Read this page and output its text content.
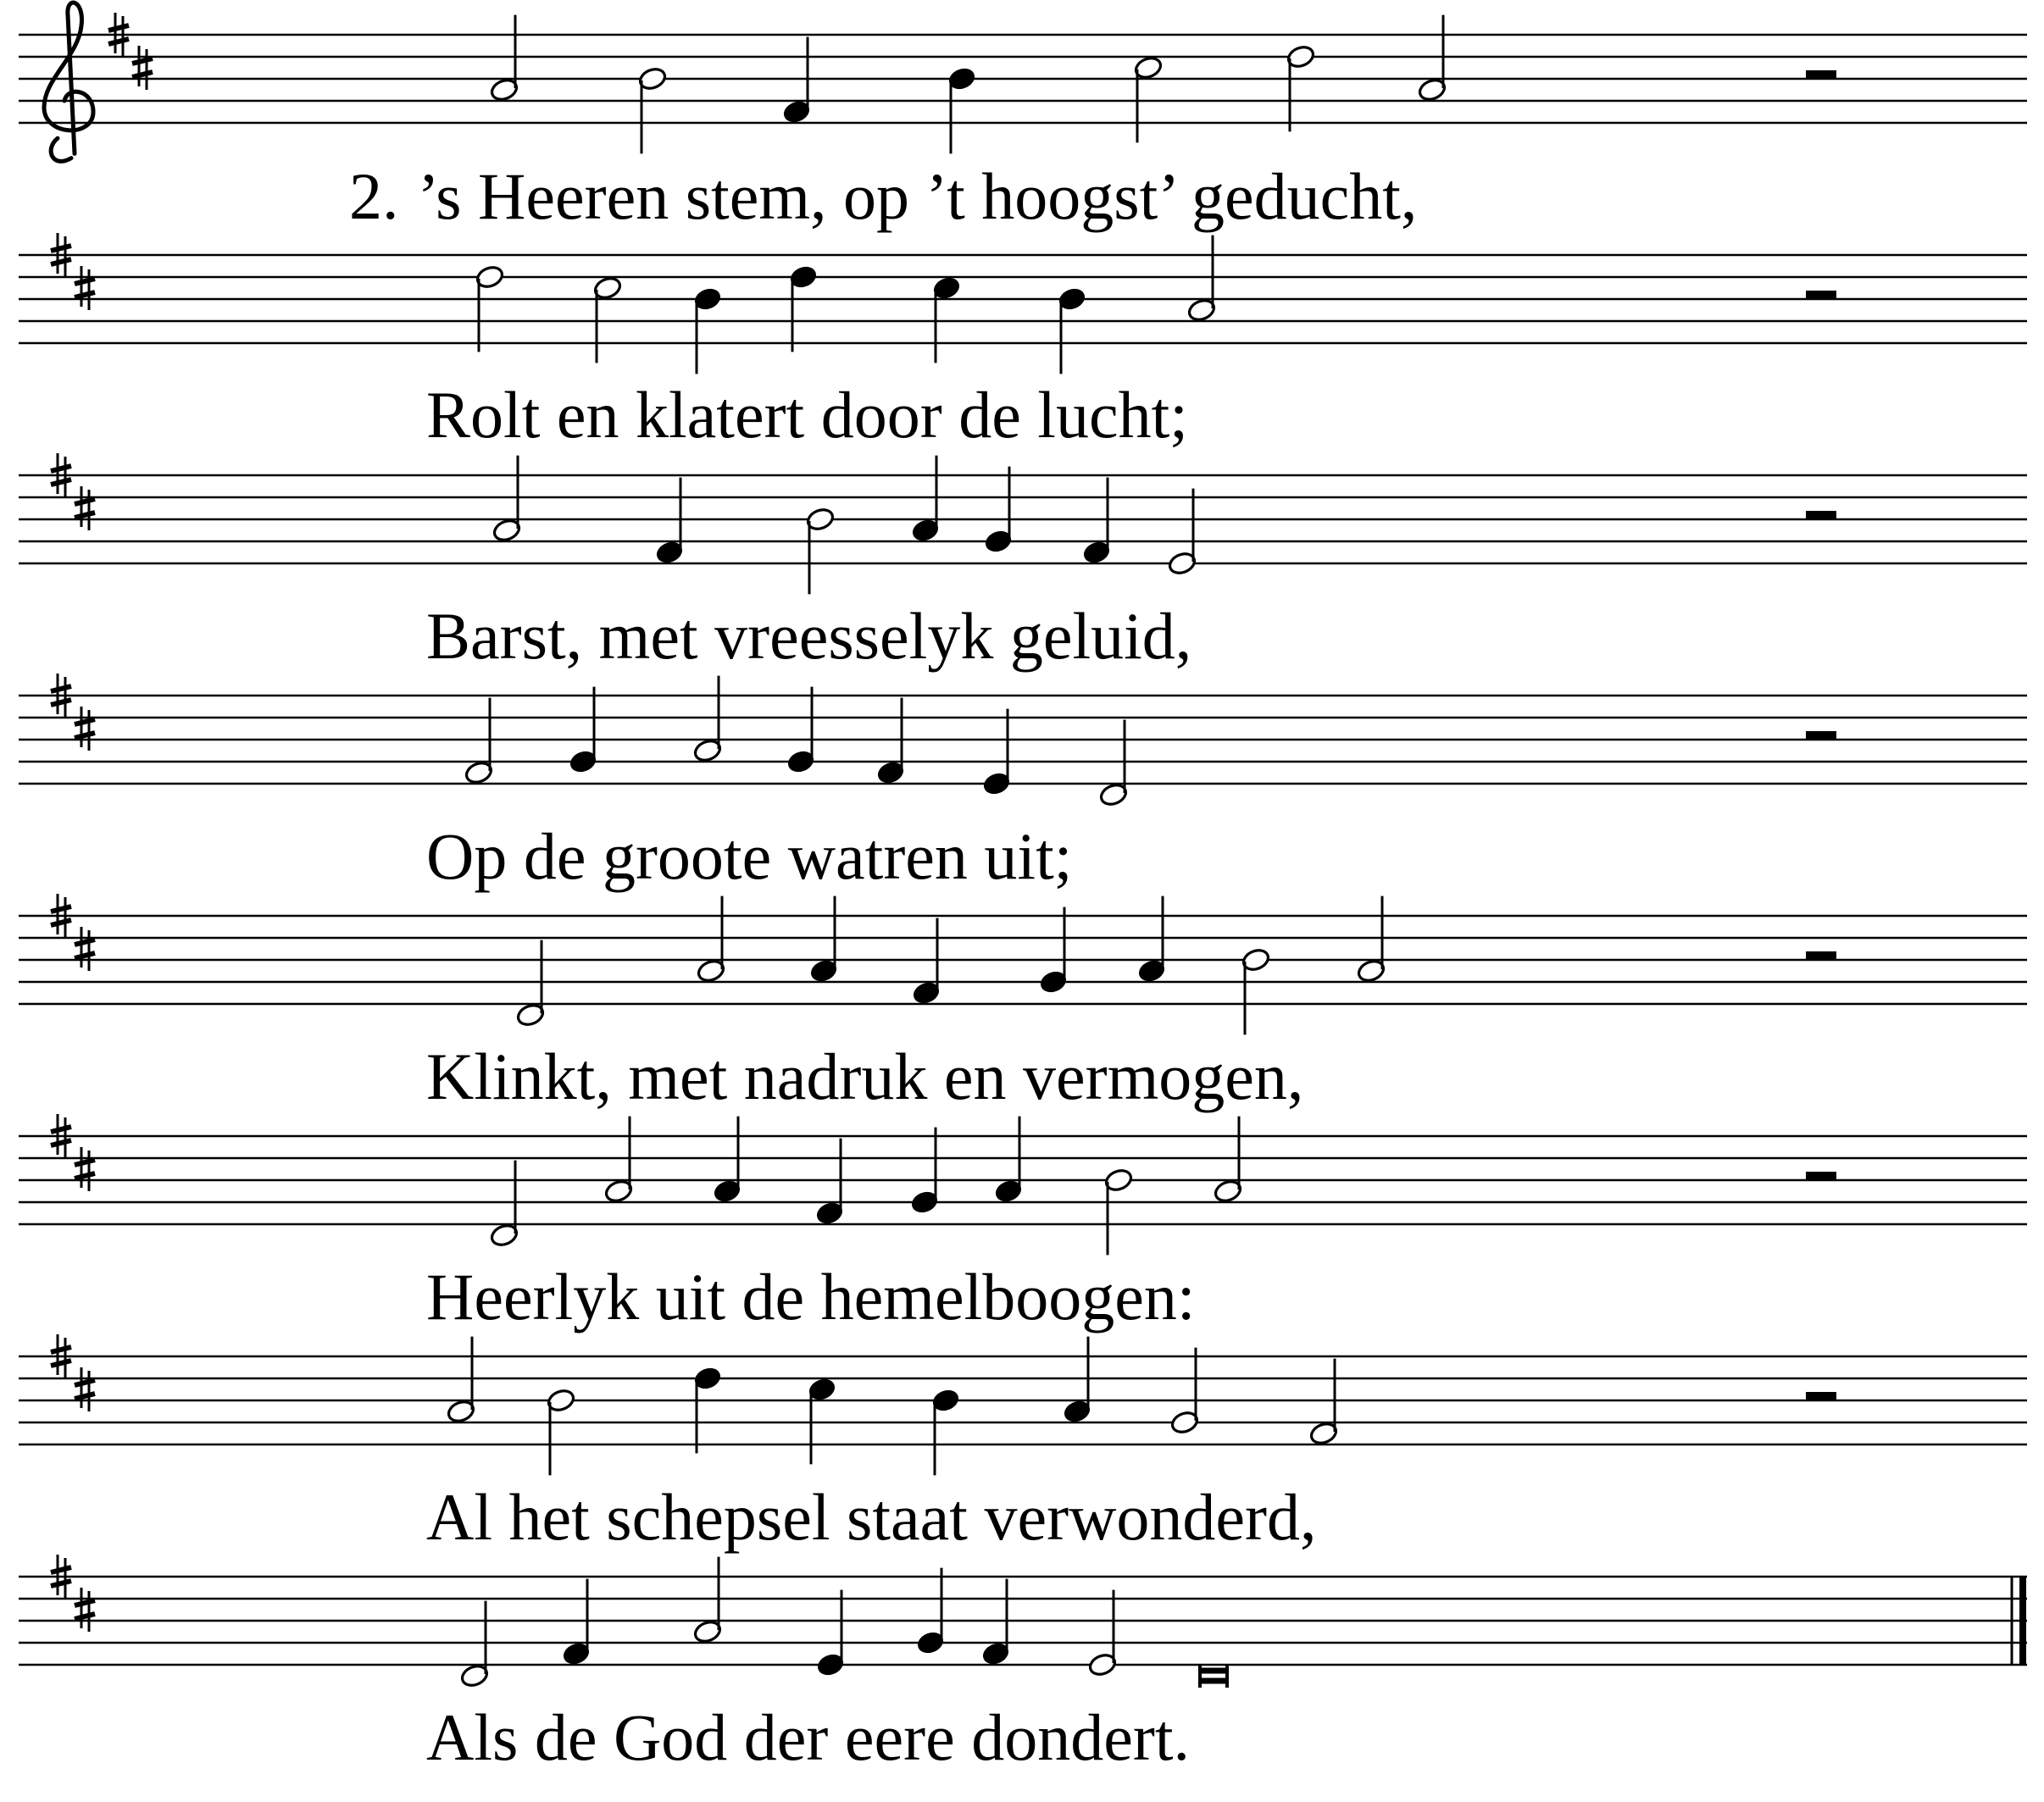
2. ’s Heeren stem, op ’t hoogst’ geducht,
Rolt en klatert door de lucht;
Barst, met vreesselyk geluid,
Op de groote watren uit;
Klinkt, met nadruk en vermogen,
Heerlyk uit de hemelboogen:
Al het schepsel staat verwonderd,
Als de God der eere dondert.
